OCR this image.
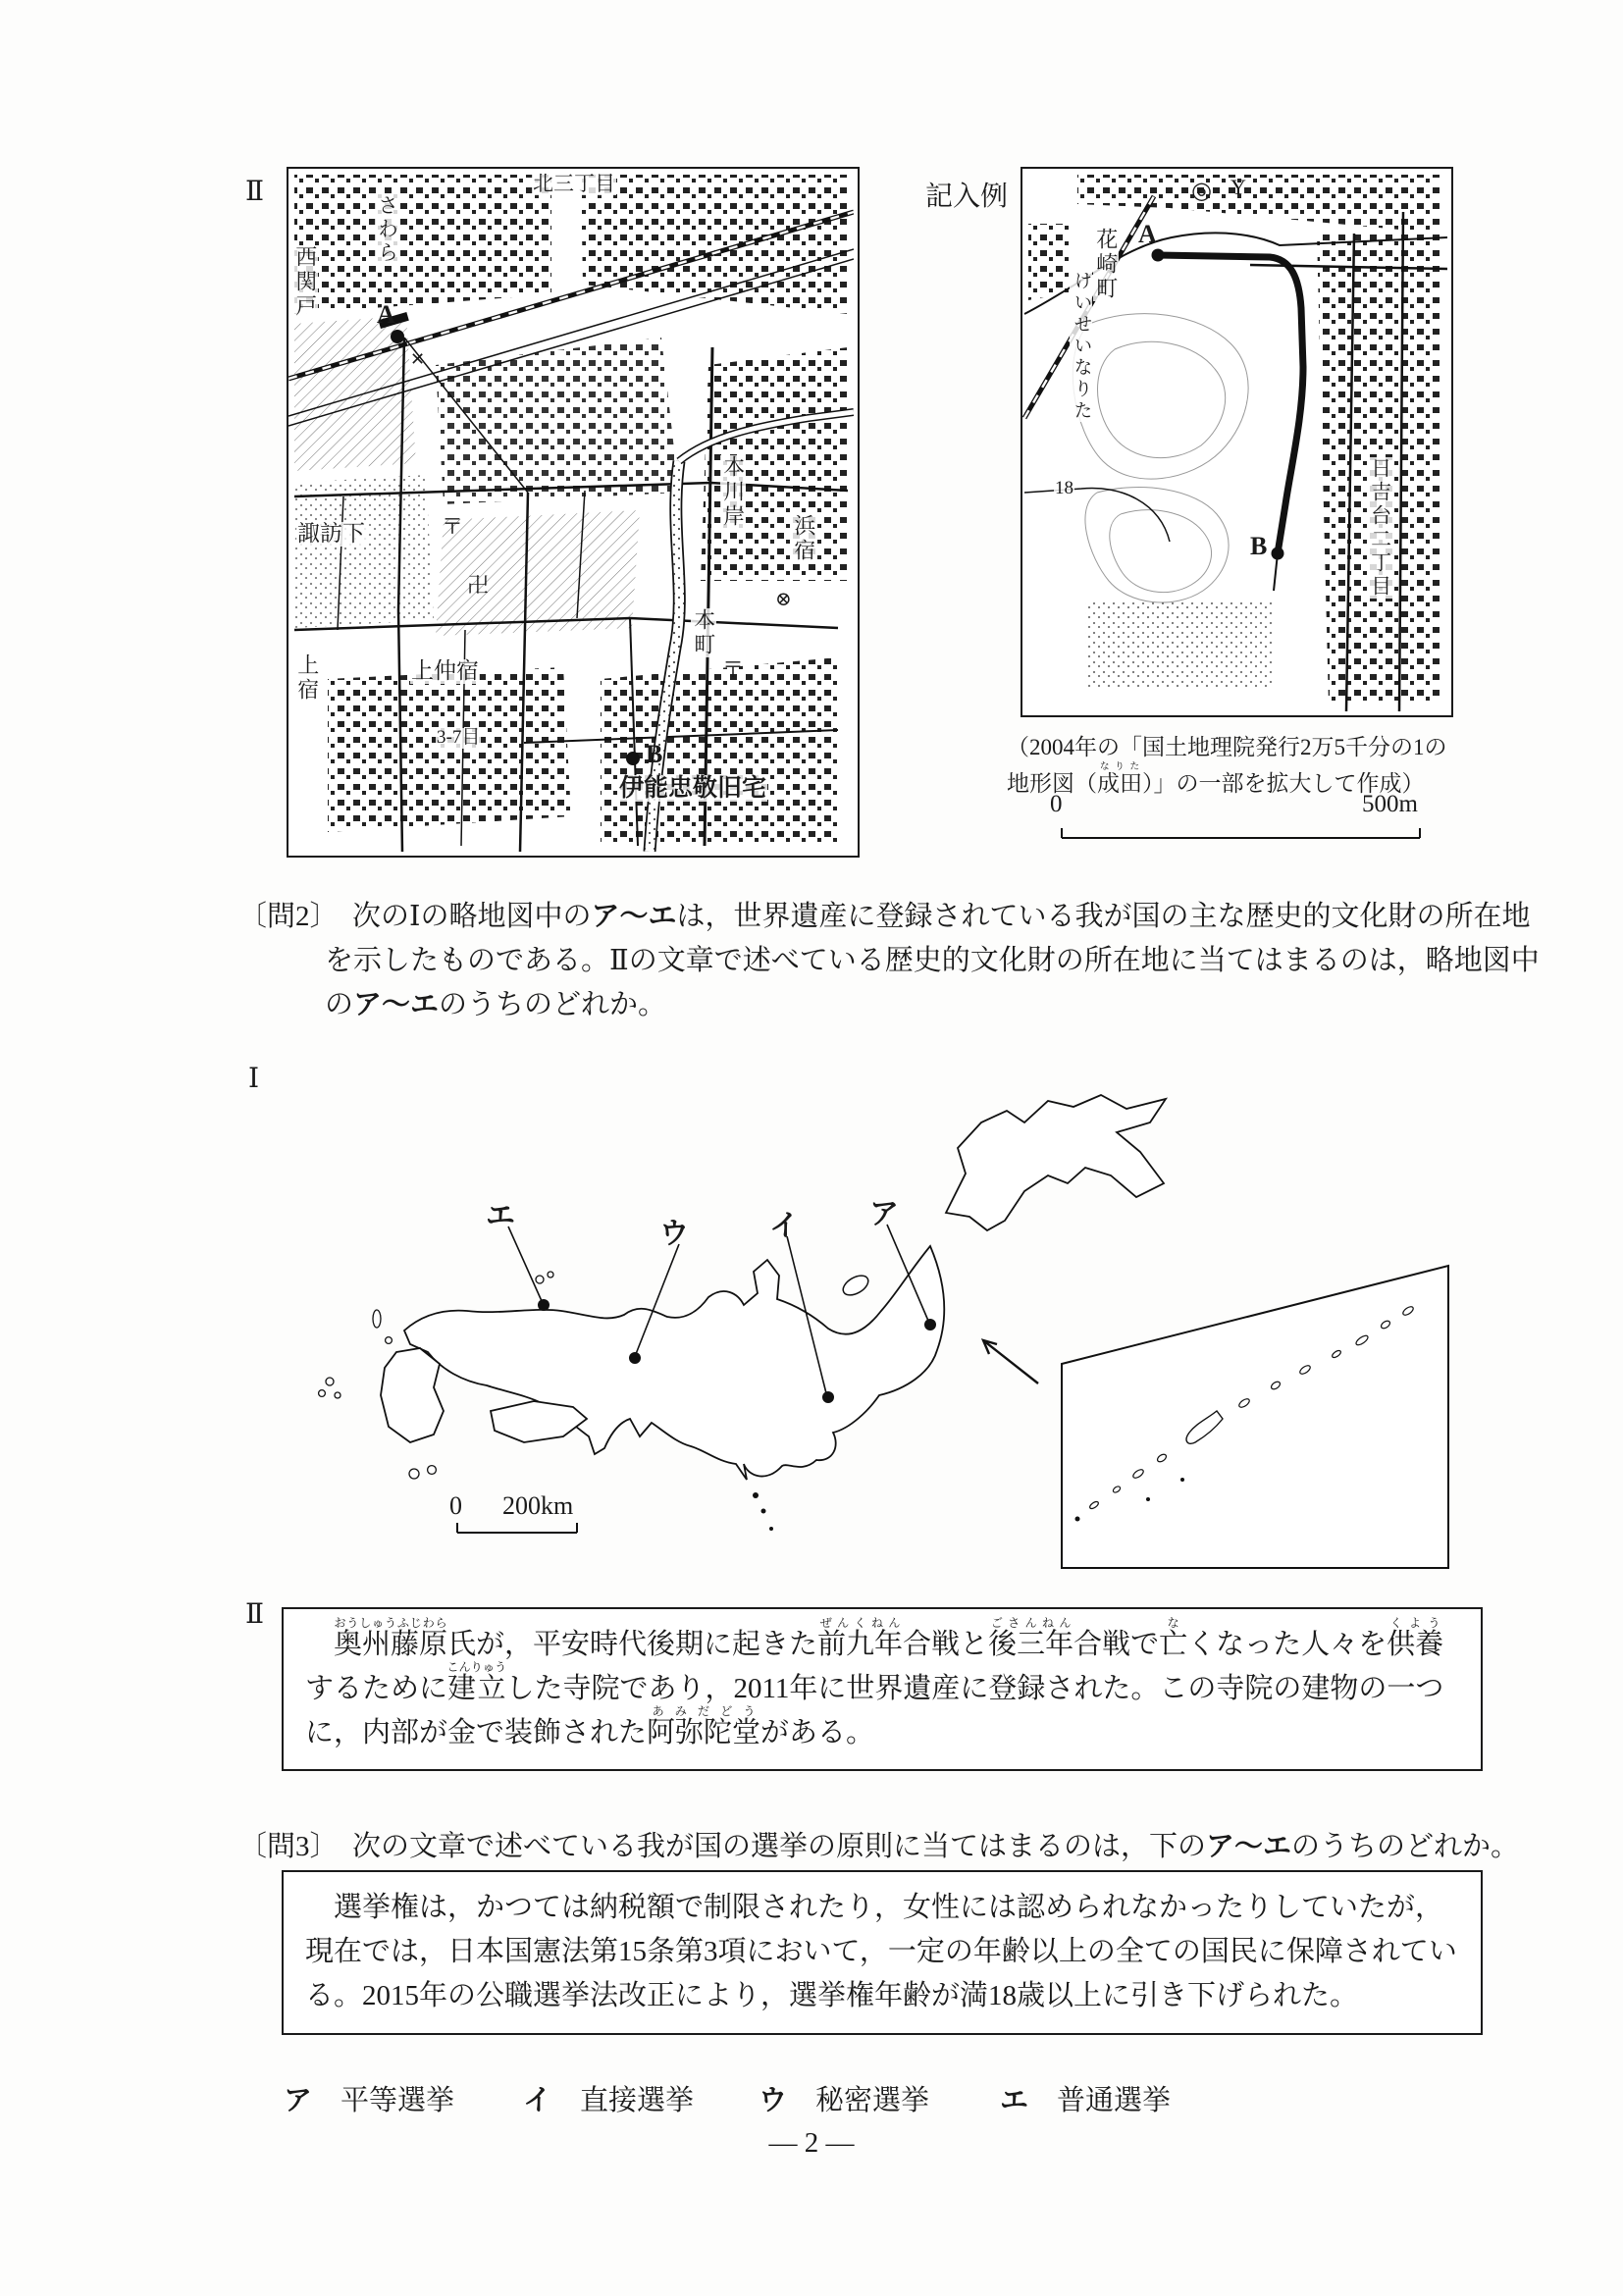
Ⅱ	北三丁目
さわら
西関戸
諏訪下
上宿	上仲宿
本川岸
浜宿
本町
3-7目
伊能忠敬旧宅
A
B
〒
卍
⊗
〒
✕
記入例
A
B
花崎町
けいせいなりた
18	日吉台二丁目
◎ Y
（2004年の「国土地理院発行2万5千分の1の地形図（成田なりた）」の一部を拡大して作成）
0	500m
〔問2〕　次のⅠの略地図中のア～エは，世界遺産に登録されている我が国の主な歴史的文化財の所在地を示したものである。Ⅱの文章で述べている歴史的文化財の所在地に当てはまるのは，略地図中のア～エのうちのどれか。
Ⅰ
エ
ウ	イ ア
0 200km
Ⅱ
　奥州藤原おうしゅうふじわら氏が，平安時代後期に起きた前九年ぜんくねん合戦と後三年ごさんねん合戦で亡なくなった人々を供養くようするために建立こんりゅうした寺院であり，2011年に世界遺産に登録された。この寺院の建物の一つに，内部が金で装飾された阿弥陀堂あみだどうがある。
〔問3〕　次の文章で述べている我が国の選挙の原則に当てはまるのは，下のア～エのうちのどれか。
　選挙権は，かつては納税額で制限されたり，女性には認められなかったりしていたが，現在では，日本国憲法第15条第3項において，一定の年齢以上の全ての国民に保障されている。2015年の公職選挙法改正により，選挙権年齢が満18歳以上に引き下げられた。
ア　 平等選挙 イ　 直接選挙 ウ　 秘密選挙 エ　 普通選挙
— 2 —
